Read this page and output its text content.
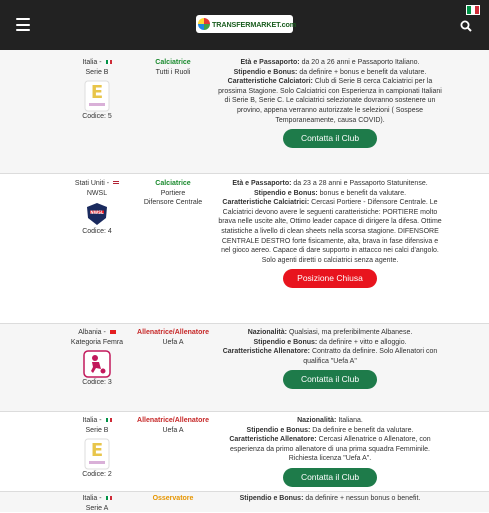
TRANSFERMARKET.com
Italia -
Serie B
E
Codice: 5
Calciatrice
Tutti i Ruoli
Età e Passaporto: da 20 a 26 anni e Passaporto Italiano.
Stipendio e Bonus: da definire + bonus e benefit da valutare.
Caratteristiche Calciatori: Club di Serie B cerca Calciatrici per la prossima Stagione. Solo Calciatrici con Esperienza in campionati Italiani di Serie B, Serie C. Le calciatrici selezionate dovranno sostenere un provino, appena verranno autorizzate le selezioni ( Sospese Temporaneamente, causa COVID).
Contatta il Club
Stati Uniti -
NWSL
NWSL
Codice: 4
Calciatrice
Portiere
Difensore Centrale
Età e Passaporto: da 23 a 28 anni e Passaporto Statunitense.
Stipendio e Bonus: bonus e benefit da valutare.
Caratteristiche Calciatrici: Cercasi Portiere - Difensore Centrale. Le Calciatrici devono avere le seguenti caratteristiche: PORTIERE molto brava nelle uscite alte, Ottimo leader capace di dirigere la difesa. Ottime statistiche a livello di clean sheets nella scorsa stagione. DIFENSORE CENTRALE DESTRO forte fisicamente, alta, brava in fase difensiva e nel gioco aereo. Capace di dare supporto in attacco nei calci d'angolo. Solo agenti diretti o calciatrici senza agente.
Posizione Chiusa
Albania -
Kategoria Femra
Codice: 3
Allenatrice/Allenatore
Uefa A
Nazionalità: Qualsiasi, ma preferibilmente Albanese.
Stipendio e Bonus: da definire + vitto e alloggio.
Caratteristiche Allenatore: Contratto da definire. Solo Allenatori con qualifica "Uefa A"
Contatta il Club
Italia -
Serie B
E
Codice: 2
Allenatrice/Allenatore
Uefa A
Nazionalità: Italiana.
Stipendio e Bonus: Da definire e benefit da valutare.
Caratteristiche Allenatore: Cercasi Allenatrice o Allenatore, con esperienza da primo allenatore di una prima squadra Femminile. Richiesta licenza "Uefa A".
Contatta il Club
Italia -
Serie A
Osservatore	Stipendio e Bonus: da definire + nessun bonus o benefit.
